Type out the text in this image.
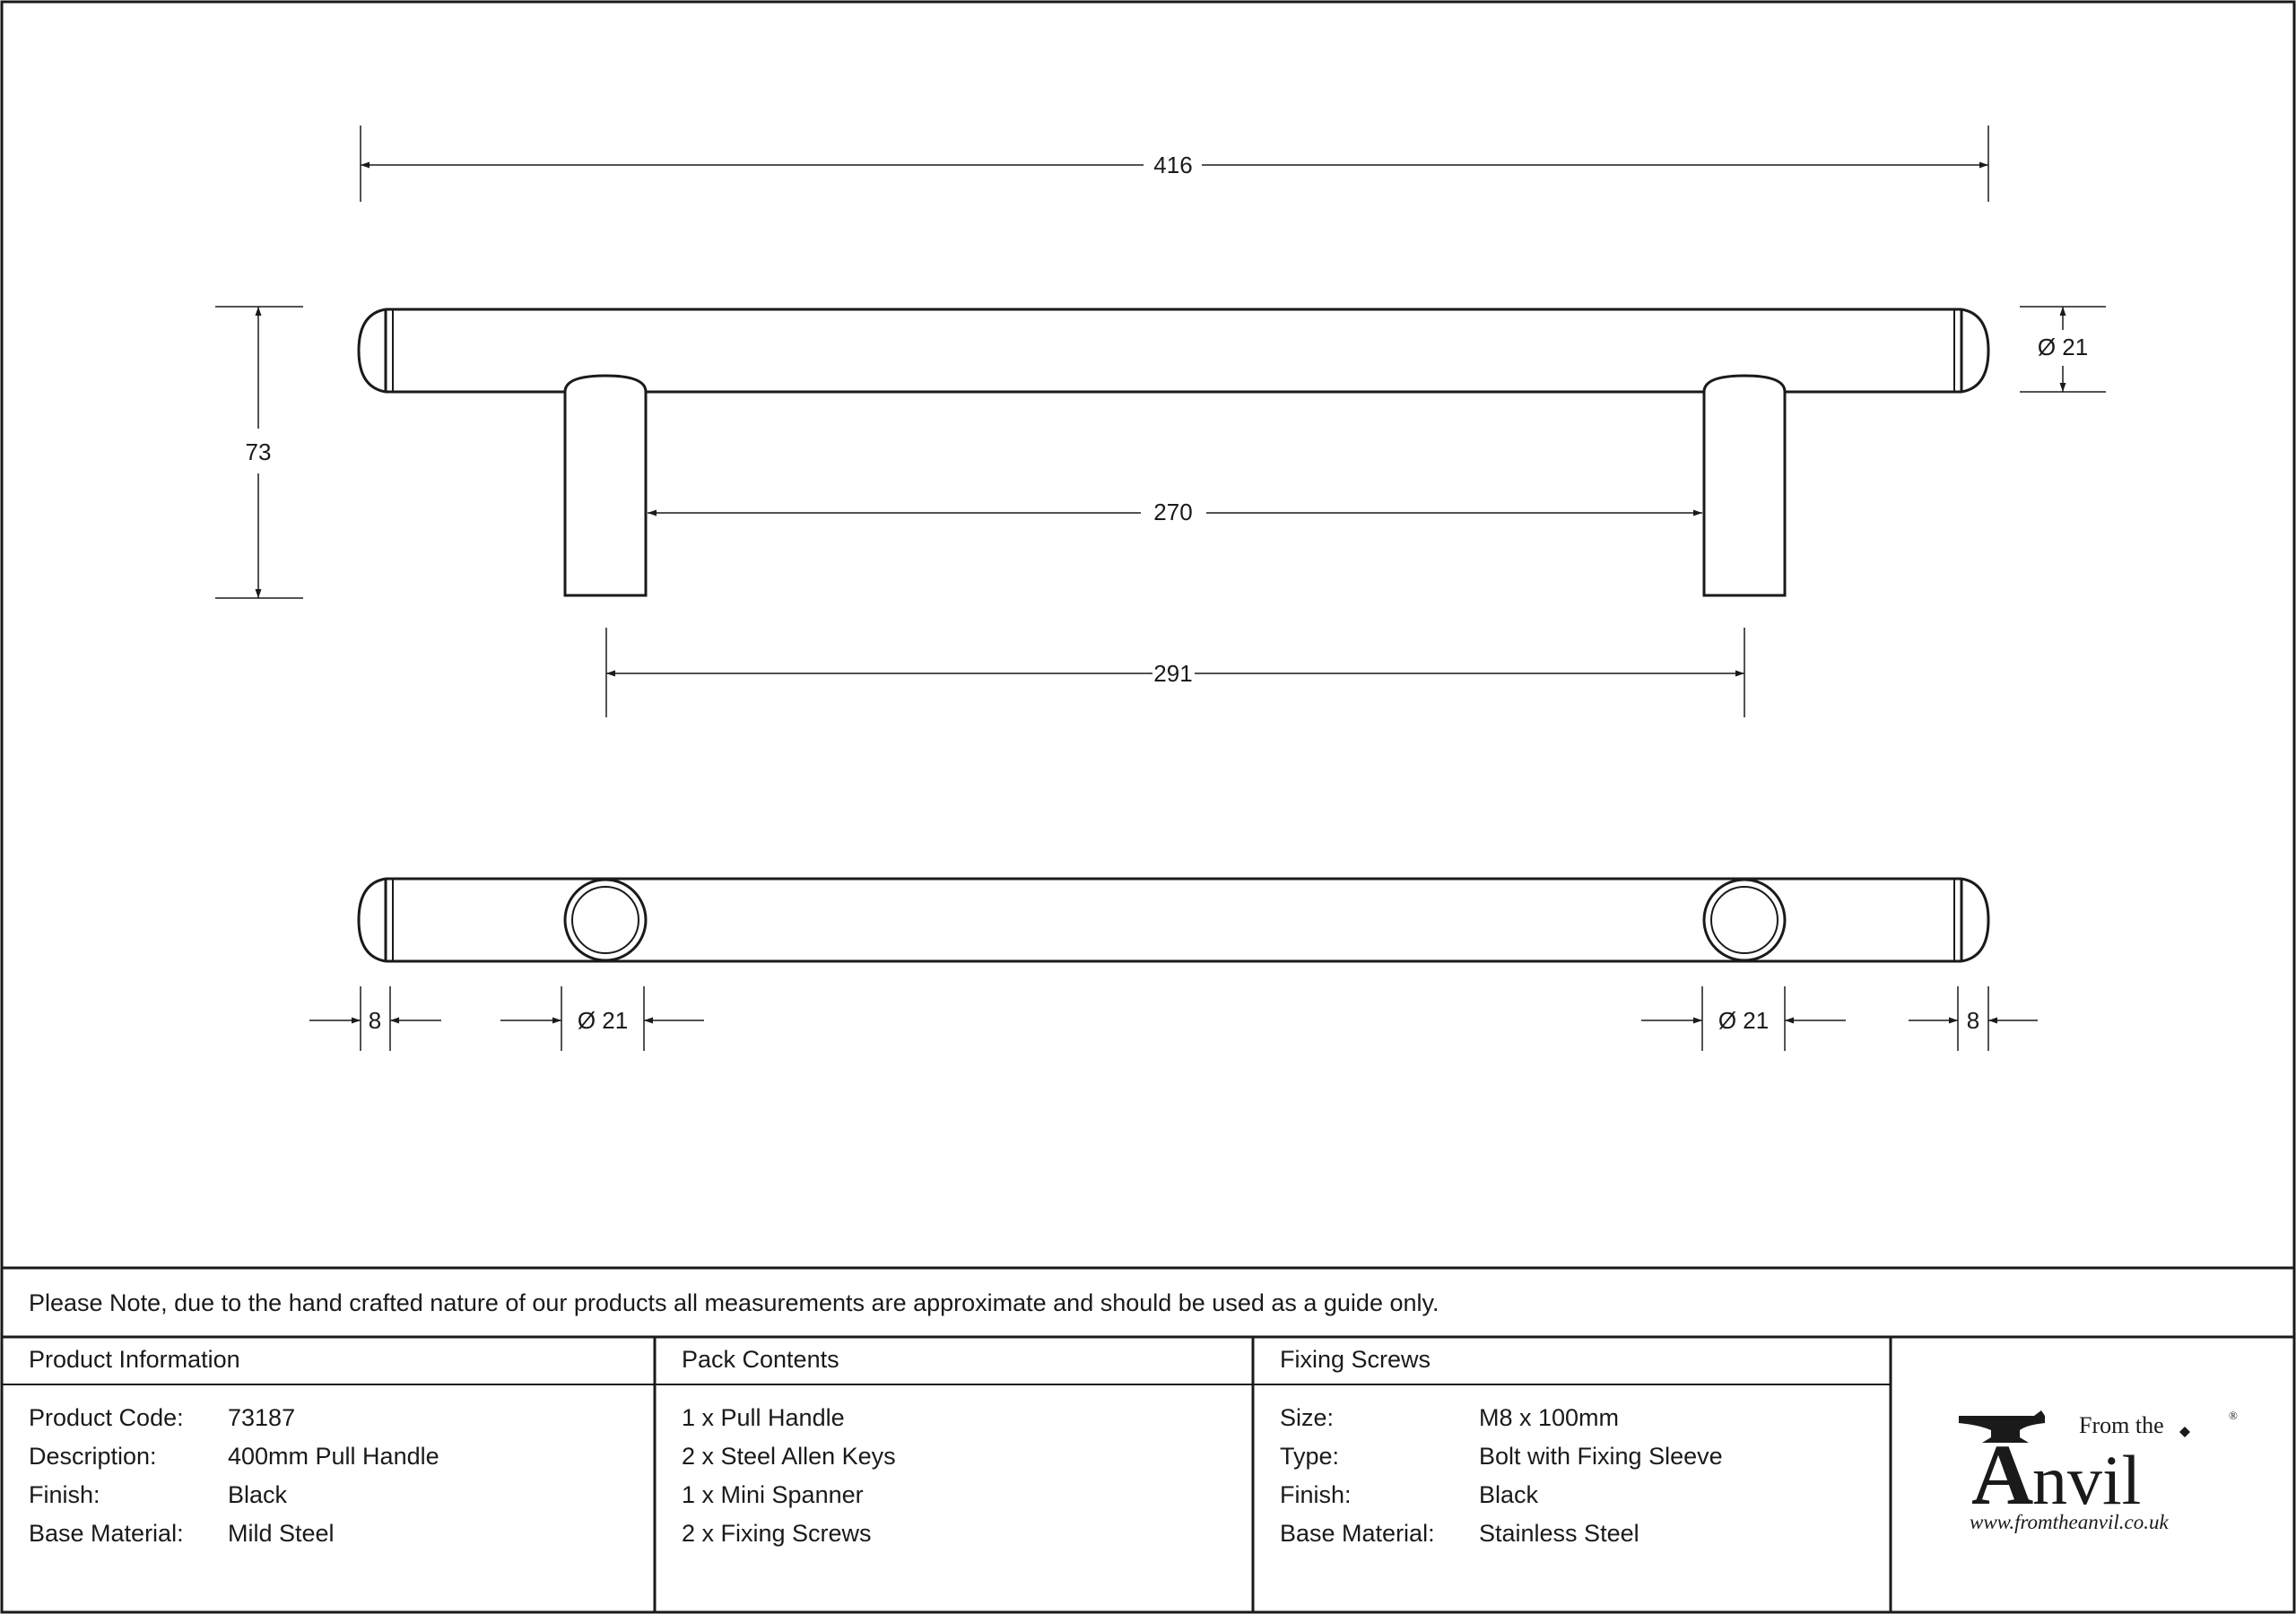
416
73
Ø 21
270
291
8	Ø 21	Ø 21	8
Please Note, due to the hand crafted nature of our products all measurements are approximate and should be used as a guide only.
Product Information
Product Code: 73187
Description:	400mm Pull Handle
Finish:	Black
Base Material: Mild Steel
Pack Contents
1 x Pull Handle
2 x Steel Allen Keys
1 x Mini Spanner
2 x Fixing Screws
Fixing Screws
Size:	M8 x 100mm
Type:	Bolt with Fixing Sleeve
Finish:	Black
Base Material: Stainless Steel
From the	®
A
nvil
www.fromtheanvil.co.uk
